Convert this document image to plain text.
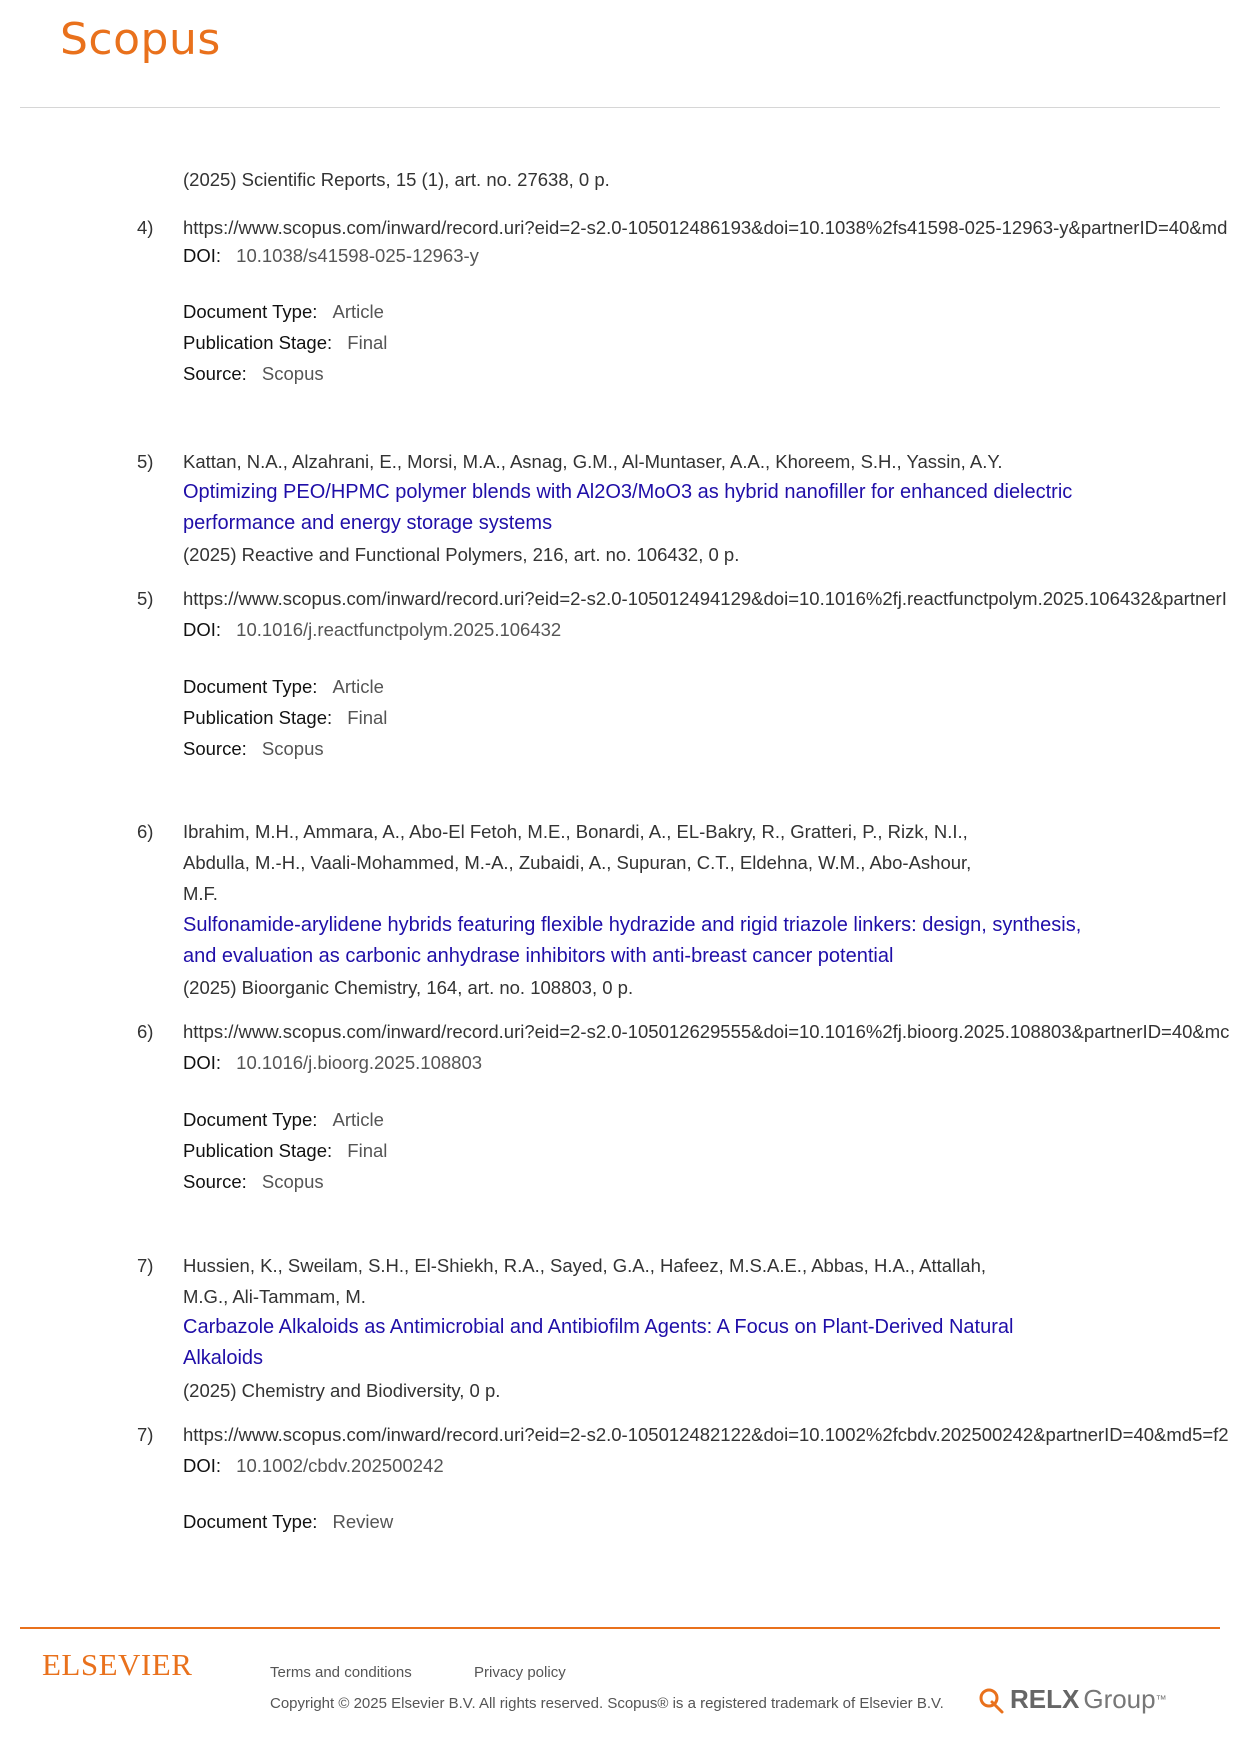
Scopus
(2025) Scientific Reports, 15 (1), art. no. 27638, 0 p.
4) https://www.scopus.com/inward/record.uri?eid=2-s2.0-105012486193&doi=10.1038%2fs41598-025-12963-y&partnerID=40&md
DOI: 10.1038/s41598-025-12963-y
Document Type: Article
Publication Stage: Final
Source: Scopus
5) Kattan, N.A., Alzahrani, E., Morsi, M.A., Asnag, G.M., Al-Muntaser, A.A., Khoreem, S.H., Yassin, A.Y.
Optimizing PEO/HPMC polymer blends with Al2O3/MoO3 as hybrid nanofiller for enhanced dielectric
performance and energy storage systems
(2025) Reactive and Functional Polymers, 216, art. no. 106432, 0 p.
5) https://www.scopus.com/inward/record.uri?eid=2-s2.0-105012494129&doi=10.1016%2fj.reactfunctpolym.2025.106432&partnerI
DOI: 10.1016/j.reactfunctpolym.2025.106432
Document Type: Article
Publication Stage: Final
Source: Scopus
6) Ibrahim, M.H., Ammara, A., Abo-El Fetoh, M.E., Bonardi, A., EL-Bakry, R., Gratteri, P., Rizk, N.I.,
Abdulla, M.-H., Vaali-Mohammed, M.-A., Zubaidi, A., Supuran, C.T., Eldehna, W.M., Abo-Ashour,
M.F.
Sulfonamide-arylidene hybrids featuring flexible hydrazide and rigid triazole linkers: design, synthesis,
and evaluation as carbonic anhydrase inhibitors with anti-breast cancer potential
(2025) Bioorganic Chemistry, 164, art. no. 108803, 0 p.
6) https://www.scopus.com/inward/record.uri?eid=2-s2.0-105012629555&doi=10.1016%2fj.bioorg.2025.108803&partnerID=40&mc
DOI: 10.1016/j.bioorg.2025.108803
Document Type: Article
Publication Stage: Final
Source: Scopus
7) Hussien, K., Sweilam, S.H., El-Shiekh, R.A., Sayed, G.A., Hafeez, M.S.A.E., Abbas, H.A., Attallah,
M.G., Ali-Tammam, M.
Carbazole Alkaloids as Antimicrobial and Antibiofilm Agents: A Focus on Plant-Derived Natural
Alkaloids
(2025) Chemistry and Biodiversity, 0 p.
7) https://www.scopus.com/inward/record.uri?eid=2-s2.0-105012482122&doi=10.1002%2fcbdv.202500242&partnerID=40&md5=f2
DOI: 10.1002/cbdv.202500242
Document Type: Review
ELSEVIER	Terms and conditions	Privacy policy
Copyright © 2025 Elsevier B.V. All rights reserved. Scopus® is a registered trademark of Elsevier B.V.	RELX Group ™
